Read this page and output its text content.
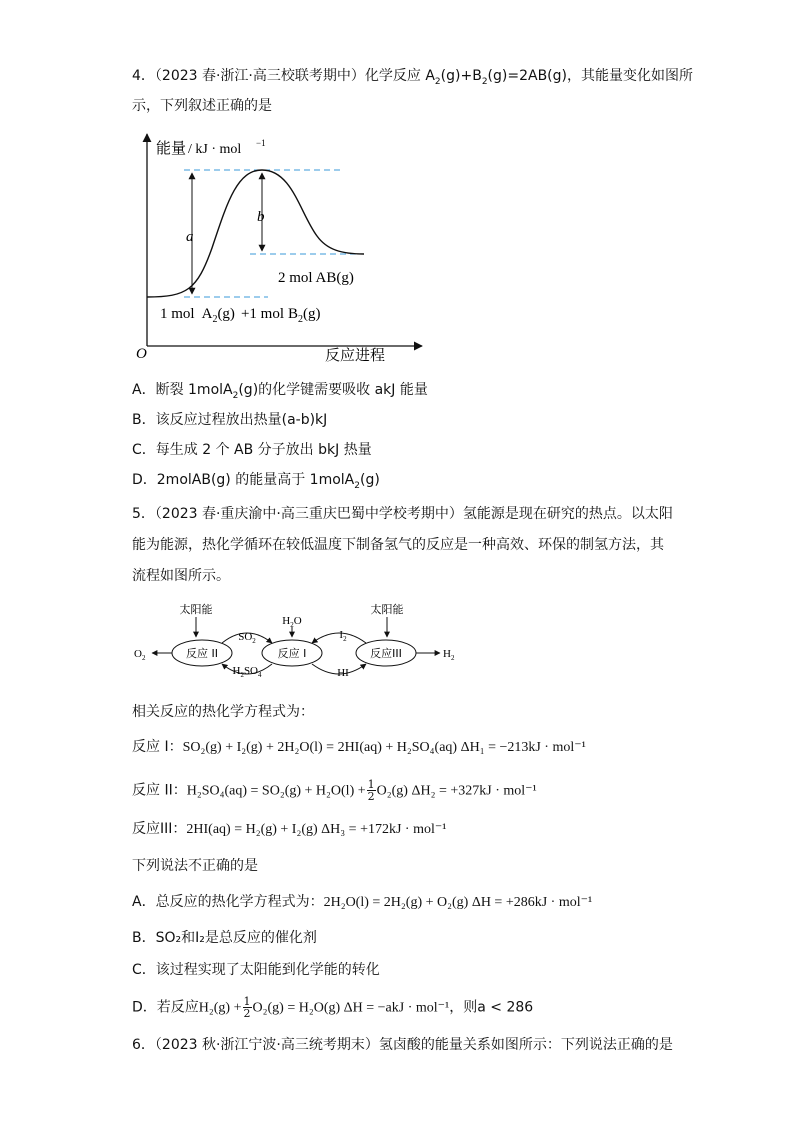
4．（2023 春·浙江·高三校联考期中）化学反应 $A_2(g)+B_2(g)=2AB(g)$，其能量变化如图所
示，下列叙述正确的是
能量 / kJ · mol −1
a
b
2 mol AB(g)
1 mol $A_2(g) +1$ mol $B_2(g)$
O	反应进程
A．断裂 1molA$_2$(g)的化学键需要吸收 akJ 能量
B．该反应过程放出热量(a-b)kJ
C．每生成 2 个 AB 分子放出 bkJ 热量
D．2molAB(g) 的能量高于 1molA$_2$(g)
5．（2023 春·重庆渝中·高三重庆巴蜀中学校考期中）氢能源是现在研究的热点。以太阳
能为能源，热化学循环在较低温度下制备氢气的反应是一种高效、环保的制氢方法，其
流程如图所示。
反应 II	反应 I	反应III
太阳能	太阳能
$H_2O$
$O_2$	$H_2$
$SO_2$
$H_2SO_4$
$I_2$
HI
相关反应的热化学方程式为：
反应 I：SO₂(g) + I₂(g) + 2H₂O(l) = 2HI(aq) + H₂SO₄(aq) ΔH₁ = −213kJ · mol⁻¹
反应 II：$H_2SO_4(aq) = SO_2(g) + H_2O(l) + \frac{1}{2} O_2(g) \Delta H_2 = +327kJ \cdot mol^{-1}$
反应III：2HI(aq) = H₂(g) + I₂(g) ΔH₃ = +172kJ · mol⁻¹
下列说法不正确的是
A．总反应的热化学方程式为：2H₂O(l) = 2H₂(g) + O₂(g) ΔH = +286kJ · mol⁻¹
B．SO₂和I₂是总反应的催化剂
C．该过程实现了太阳能到化学能的转化
D．若反应$H_2(g) + \frac{1}{2} O_2(g) = H_2O(g) \Delta H = -akJ \cdot mol^{-1}$，则a < 286
6．（2023 秋·浙江宁波·高三统考期末）氢卤酸的能量关系如图所示：下列说法正确的是
